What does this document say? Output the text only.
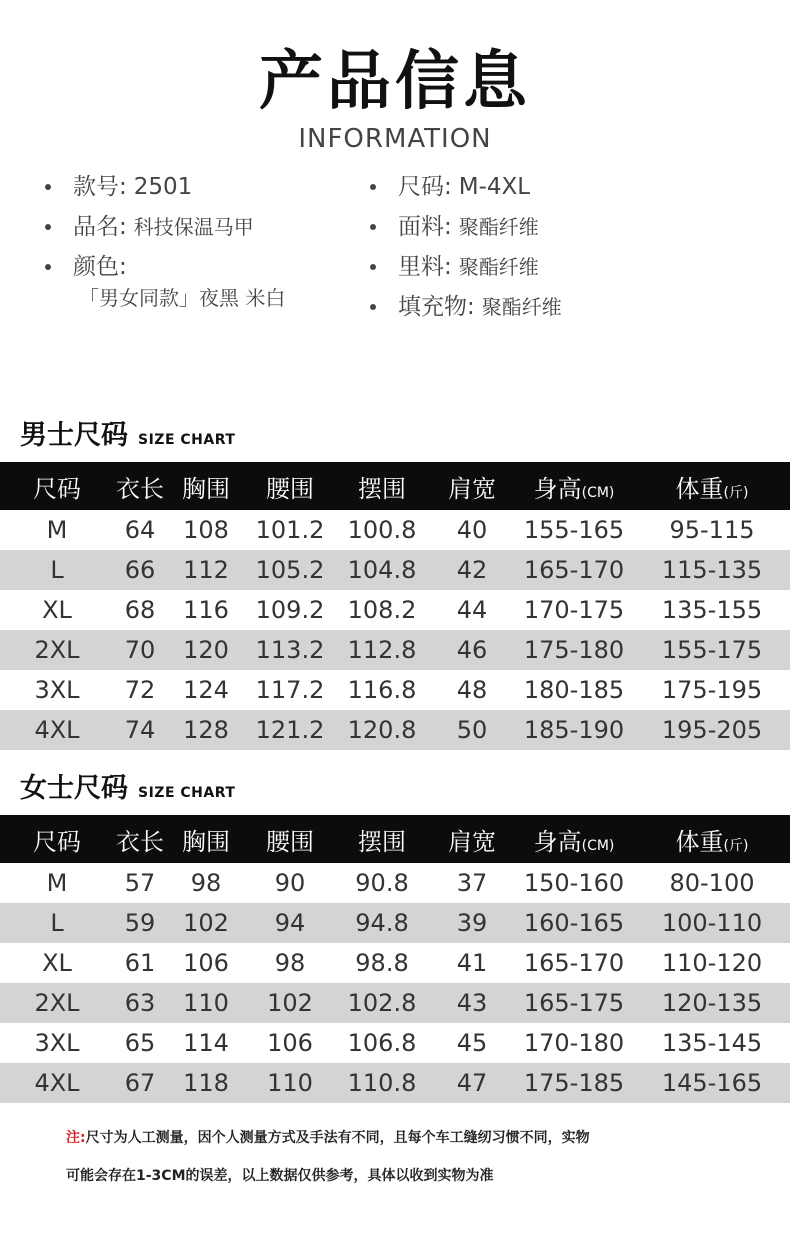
产品信息
INFORMATION
款号: 2501
品名: 科技保温马甲
颜色:
「男女同款」夜黑 米白
尺码: M-4XL
面料: 聚酯纤维
里料: 聚酯纤维
填充物: 聚酯纤维
男士尺码 SIZE CHART
尺码	衣长	胸围	腰围	摆围	肩宽	身高(CM)	体重(斤)
M	64	108	101.2	100.8	40	155-165	95-115
L	66	112	105.2	104.8	42	165-170	115-135
XL	68	116	109.2	108.2	44	170-175	135-155
2XL	70	120	113.2	112.8	46	175-180	155-175
3XL	72	124	117.2	116.8	48	180-185	175-195
4XL	74	128	121.2	120.8	50	185-190	195-205
女士尺码 SIZE CHART
尺码	衣长	胸围	腰围	摆围	肩宽	身高(CM)	体重(斤)
M	57	98	90	90.8	37	150-160	80-100
L	59	102	94	94.8	39	160-165	100-110
XL	61	106	98	98.8	41	165-170	110-120
2XL	63	110	102	102.8	43	165-175	120-135
3XL	65	114	106	106.8	45	170-180	135-145
4XL	67	118	110	110.8	47	175-185	145-165
注:尺寸为人工测量，因个人测量方式及手法有不同，且每个车工缝纫习惯不同，实物
可能会存在1-3CM的误差，以上数据仅供参考，具体以收到实物为准
